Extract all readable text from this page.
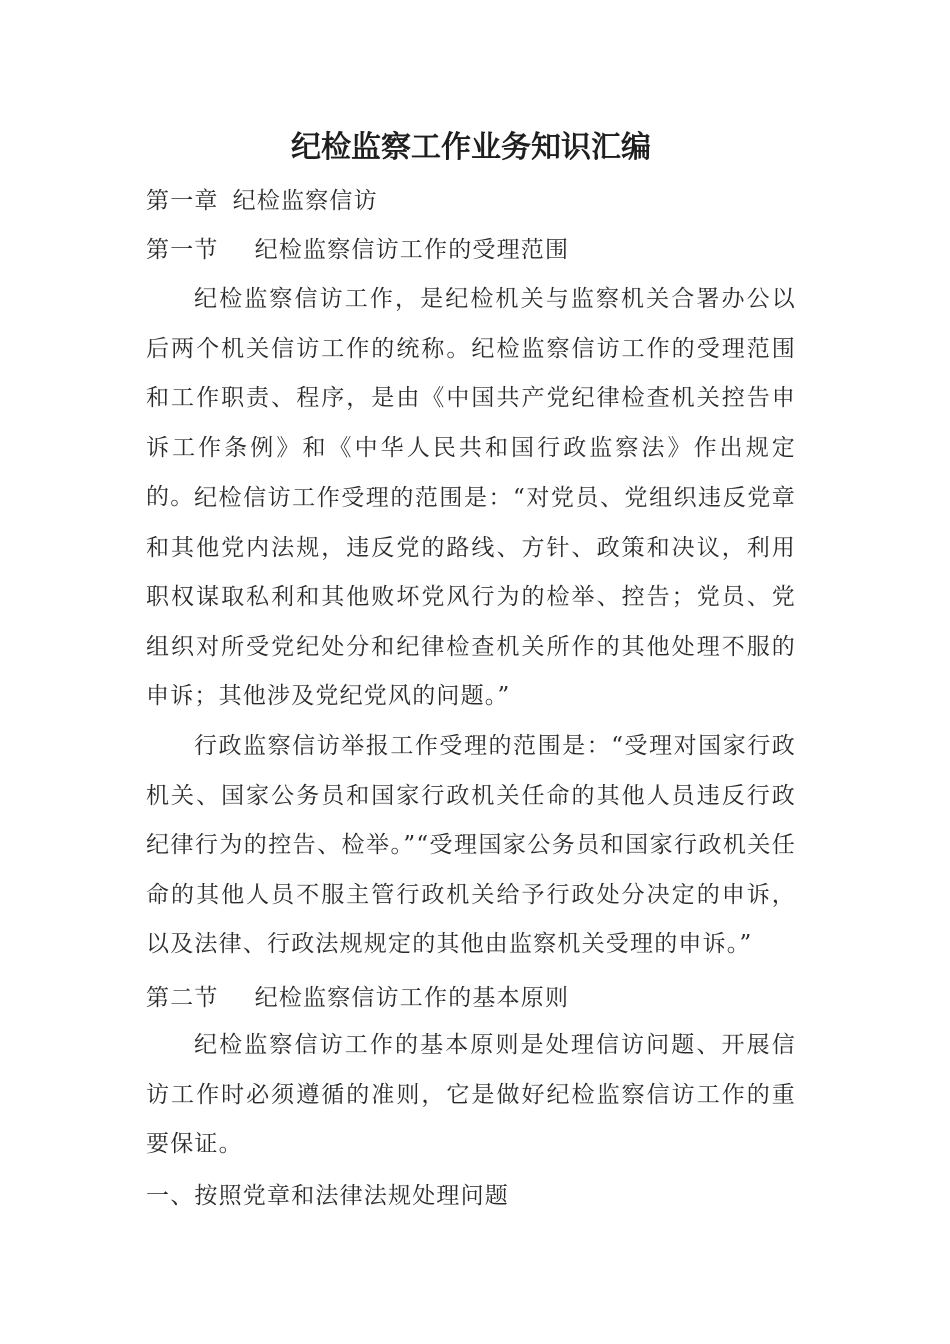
纪检监察工作业务知识汇编
第一章 纪检监察信访
第一节 纪检监察信访工作的受理范围

纪检监察信访工作，是纪检机关与监察机关合署办公以后两个机关信访工作的统称。纪检监察信访工作的受理范围和工作职责、程序，是由《中国共产党纪律检查机关控告申诉工作条例》和《中华人民共和国行政监察法》作出规定的。 纪检信访工作受理的范围是：“对党员、党组织违反党章和其他党内法规，违反党的路线、方针、政策和决议，利用职权谋取私利和其他败坏党风行为的检举、控告；党员、党组织对所受党纪处分和纪律检查机关所作的其他处理不服的申诉；其他涉及党纪党风的问题。”

行政监察信访举报工作受理的范围是：“受理对国家行政机关、国家公务员和国家行政机关任命的其他人员违反行政纪律行为的控告、检举。”“受理国家公务员和国家行政机关任命的其他人员不服主管行政机关给予行政处分决定的申诉，以及法律、行政法规规定的其他由监察机关受理的申诉。”

第二节 纪检监察信访工作的基本原则

纪检监察信访工作的基本原则是处理信访问题、开展信访工作时必须遵循的准则，它是做好纪检监察信访工作的重要保证。

一、按照党章和法律法规处理问题
